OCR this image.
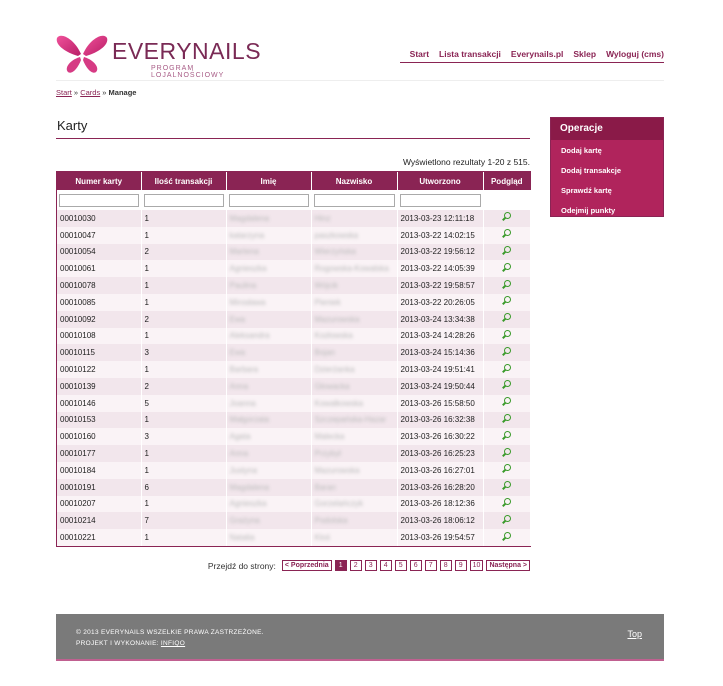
EVERYNAILS
PROGRAM LOJALNOŚCIOWY
Start Lista transakcji Everynails.pl Sklep Wyloguj (cms)
Start » Cards » Manage
Karty
Wyświetlono rezultaty 1-20 z 515.
Numer karty	Ilość transakcji	Imię	Nazwisko	Utworzono	Podgląd

00010030	1	Magdalena	Hinz	2013-03-23 12:11:18	
00010047	1	katarzyna	paszkowska	2013-03-22 14:02:15	
00010054	2	Martena	Wierzyńska	2013-03-22 19:56:12	
00010061	1	Agnieszka	Rogowska-Kowalska	2013-03-22 14:05:39	
00010078	1	Paulina	Wójcik	2013-03-22 19:58:57	
00010085	1	Mirosława	Pieniek	2013-03-22 20:26:05	
00010092	2	Ewa	Mazurowska	2013-03-24 13:34:38	
00010108	1	Aleksandra	Kozłowska	2013-03-24 14:28:26	
00010115	3	Ewa	Bojan	2013-03-24 15:14:36	
00010122	1	Barbara	Dzierżanka	2013-03-24 19:51:41	
00010139	2	Anna	Głowacka	2013-03-24 19:50:44	
00010146	5	Joanna	Kowalkowska	2013-03-26 15:58:50	
00010153	1	Małgorzata	Szczepańska-Hazar	2013-03-26 16:32:38	
00010160	3	Agata	Malecka	2013-03-26 16:30:22	
00010177	1	Anna	Przybył	2013-03-26 16:25:23	
00010184	1	Justyna	Mazurowska	2013-03-26 16:27:01	
00010191	6	Magdalena	Baran	2013-03-26 16:28:20	
00010207	1	Agnieszka	Gorzelańczyk	2013-03-26 18:12:36	
00010214	7	Grażyna	Podolska	2013-03-26 18:06:12	
00010221	1	Natalia	Kloś	2013-03-26 19:54:57	
Przejdź do strony:	< Poprzednia	1	2	3	4	5	6	7	8	9	10	Następna >
Operacje
Dodaj kartę
Dodaj transakcje
Sprawdź kartę
Odejmij punkty
© 2013 EVERYNAILS WSZELKIE PRAWA ZASTRZEŻONE.
PROJEKT I WYKONANIE: INFIQO
Top
